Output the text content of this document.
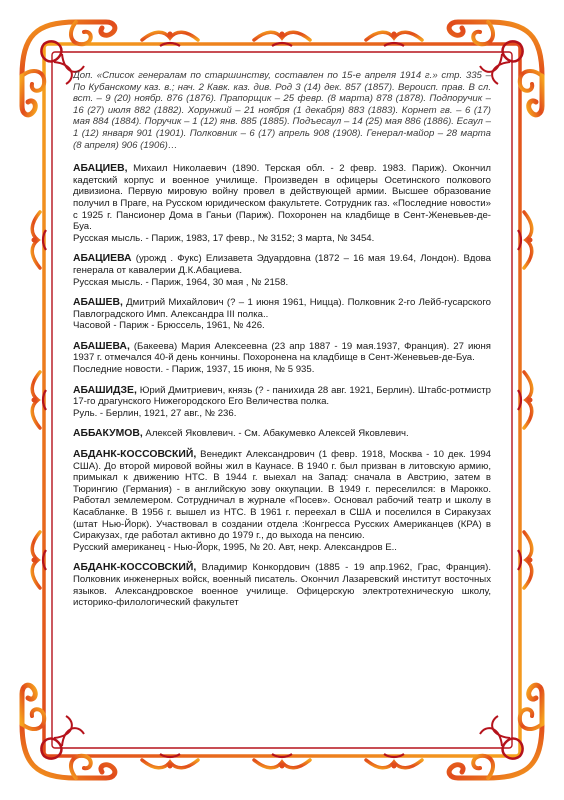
Доп. «Список генералам по старшинству, составлен по 15-е апреля 1914 г.» стр. 335 – По Кубанскому каз. в.; нач. 2 Кавк. каз. див. Род 3 (14) дек. 857 (1857). Вероисп. прав. В сл. вст. – 9 (20) ноябр. 876 (1876). Прапорщик – 25 февр. (8 марта) 878 (1878). Подпоручик – 16 (27) июля 882 (1882). Хорунжий – 21 ноября (1 декабря) 883 (1883). Корнет гв. – 6 (17) мая 884 (1884). Поручик – 1 (12) янв. 885 (1885). Подъесаул – 14 (25) мая 886 (1886). Есаул – 1 (12) января 901 (1901). Полковник – 6 (17) апрель 908 (1908). Генерал-майор – 28 марта (8 апреля) 906 (1906)…

АБАЦИЕВ, Михаил Николаевич (1890. Терская обл. - 2 февр. 1983. Париж). Окончил кадетский корпус и военное училище. Произведен в офицеры Осетинского полкового дивизиона. Первую мировую войну провел в действующей армии. Высшее образование получил в Праге, на Русском юридическом факультете. Сотрудник газ. «Последние новости» с 1925 г. Пансионер Дома в Ганьи (Париж). Похоронен на кладбище в Сент-Женевьев-де-Буа.

Русская мысль. - Париж, 1983, 17 февр., № 3152; 3 марта, № 3454.

АБАЦИЕВА (урожд . Фукс) Елизавета Эдуардовна (1872 – 16 мая 19.64, Лондон). Вдова генерала от кавалерии Д.К.Абациева.

Русская мысль. - Париж, 1964, 30 мая , № 2158.

АБАШЕВ, Дмитрий Михайлович (? – 1 июня 1961, Ницца). Полковник 2-го Лейб-гусарского Павлоградского Имп. Александра III полка..

Часовой - Париж - Брюссель, 1961, № 426.

АБАШЕВА, (Бакеева) Мария Алексеевна (23 апр 1887 - 19 мая.1937, Франция). 27 июня 1937 г. отмечался 40-й день кончины. Похоронена на кладбище в Сент-Женевьев-де-Буа.

Последние новости. - Париж, 1937, 15 июня, № 5 935.

АБАШИДЗЕ, Юрий Дмитриевич, князь (? - панихида 28 авг. 1921, Берлин). Штабс-ротмистр 17-го драгунского Нижегородского Его Величества полка.

Руль. - Берлин, 1921, 27 авг., № 236.

АББАКУМОВ, Алексей Яковлевич. - См. Абакумевко Алексей Яковлевич.

АБДАНК-КОССОВСКИЙ, Венедикт Александрович (1 февр. 1918, Москва - 10 дек. 1994 США). До второй мировой войны жил в Каунасе. В 1940 г. был призван в литовскую армию, примыкал к движению НТС. В 1944 г. выехал на Запад: сначала в Австрию, затем в Тюрингию (Германия) - в английскую зову оккупации. В 1949 г. переселился: в Марокко. Работал землемером. Сотрудничал в журнале «Посев». Основал рабочий театр и школу в Касабланке. В 1956 г. вышел из НТС. В 1961 г. переехал в США и поселился в Сиракузах (штат Нью-Йорк). Участвовал в создании отдела :Конгресса Русских Американцев (КРА) в Сиракузах, где работал активно до 1979 г., до выхода на пенсию.

Русский американец - Нью-Йорк, 1995, № 20. Авт, некр. Александров Е..

АБДАНК-КОССОВСКИЙ, Владимир Конкордович (1885 - 19 апр.1962, Грас, Франция). Полковник инженерных войск, военный писатель. Окончил Лазаревский институт восточных языков. Александровское военное училище. Офицерскую электротехническую школу, историко-филологический факультет
